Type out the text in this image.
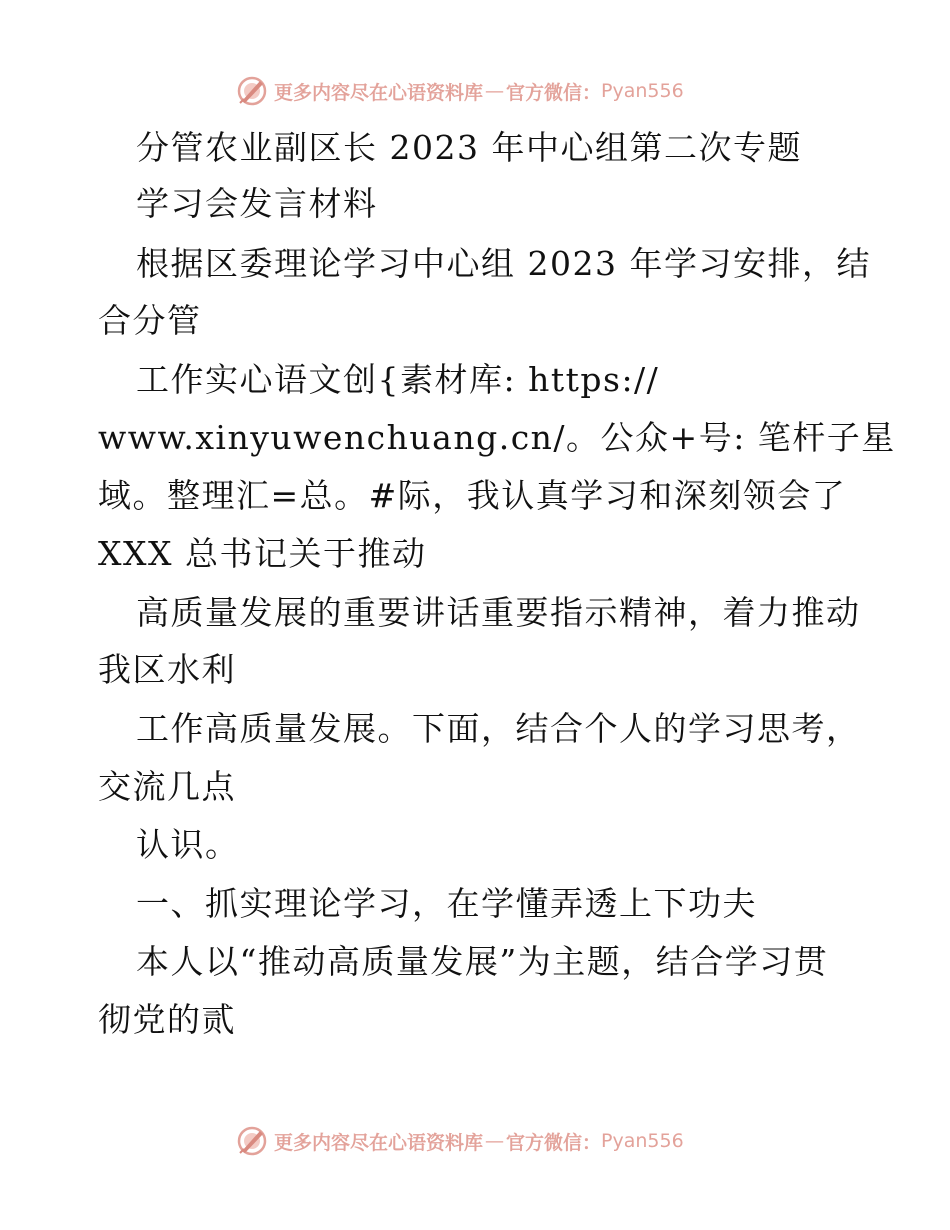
更多内容尽在心语资料库 — 官方微信： Pyan556
分管农业副区长 2023 年中心组第二次专题
学习会发言材料
根据区委理论学习中心组 2023 年学习安排，结
合分管
工作实心语文创{素材库: https://
www.xinyuwenchuang.cn/。公众+号: 笔杆子星
域。整理汇=总。#际，我认真学习和深刻领会了
XXX 总书记关于推动
高质量发展的重要讲话重要指示精神，着力推动
我区水利
工作高质量发展。下面，结合个人的学习思考，
交流几点
认识。
一、抓实理论学习，在学懂弄透上下功夫
本人以“推动高质量发展”为主题，结合学习贯
彻党的贰
更多内容尽在心语资料库 — 官方微信： Pyan556
